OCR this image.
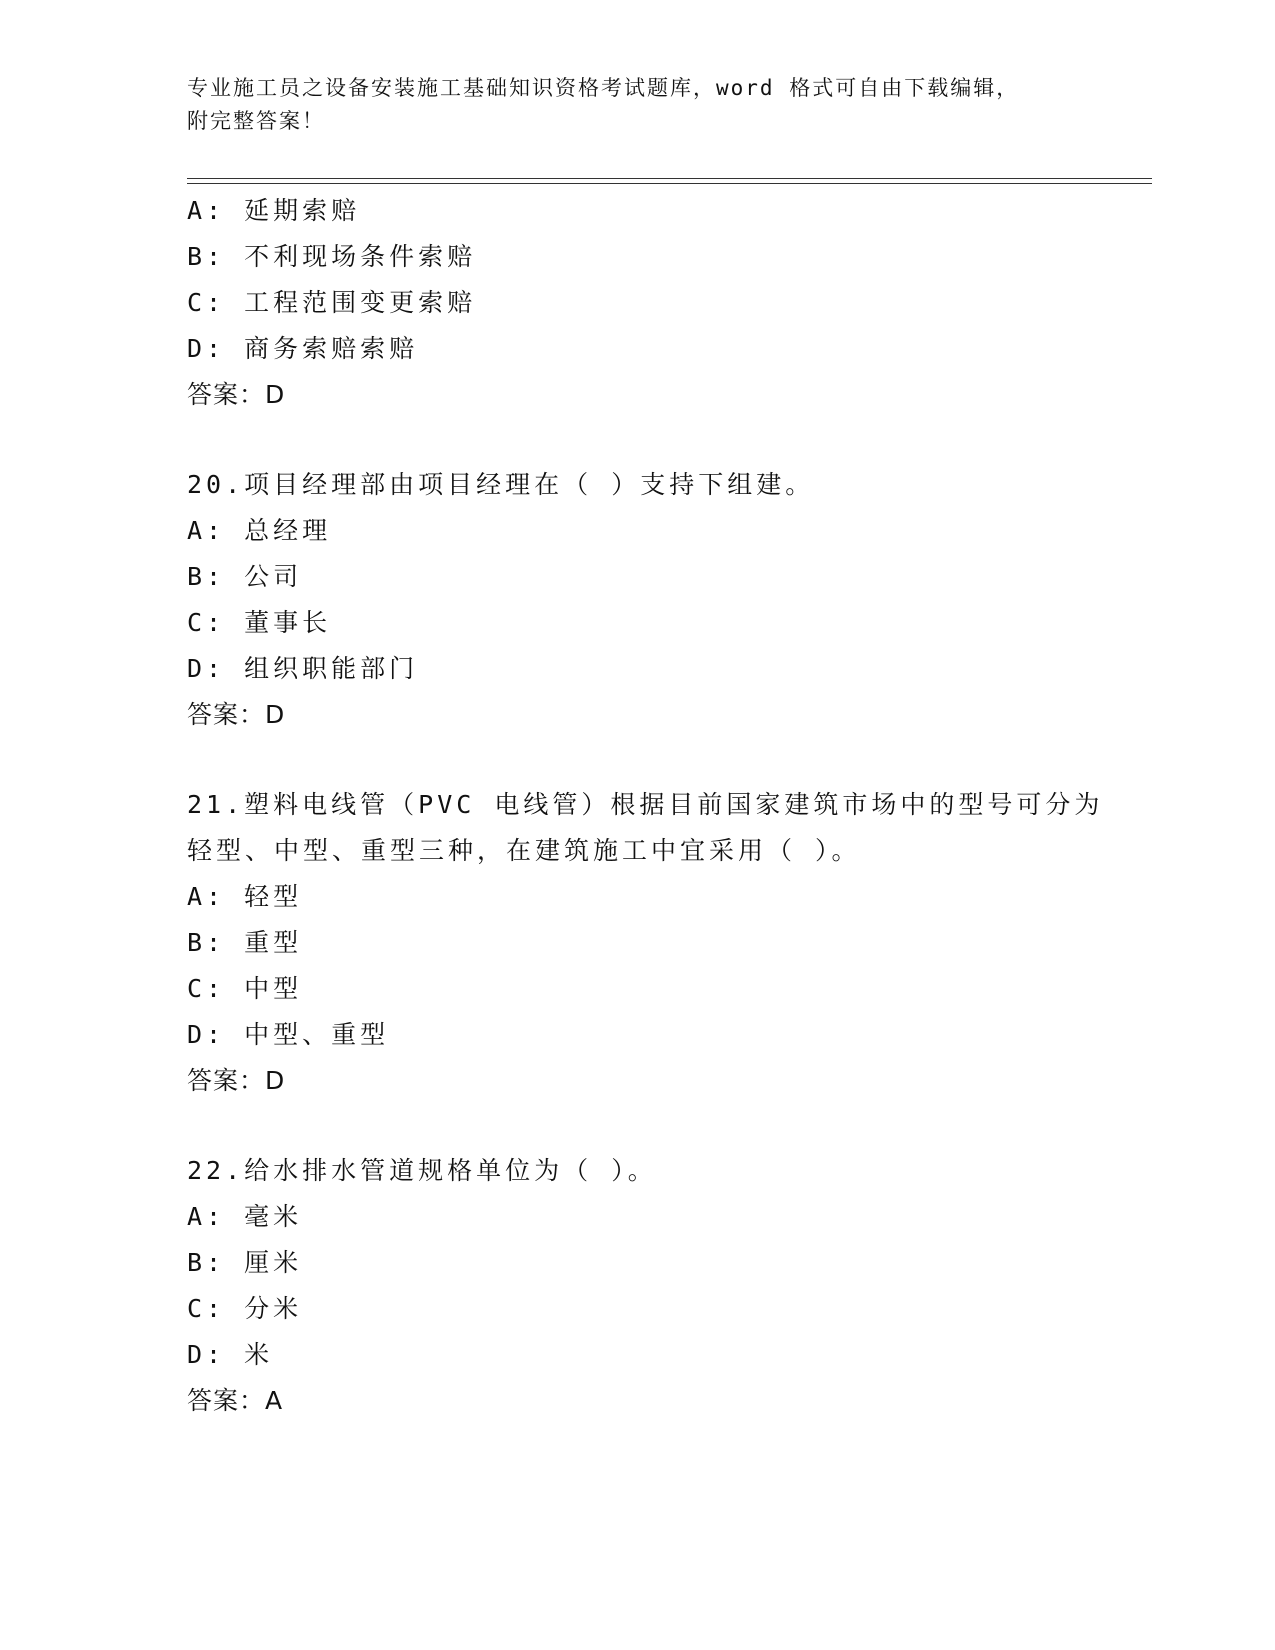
专业施工员之设备安装施工基础知识资格考试题库，word 格式可自由下载编辑，
附完整答案！
A: 延期索赔
B: 不利现场条件索赔
C: 工程范围变更索赔
D: 商务索赔索赔
答案：D
20.项目经理部由项目经理在（ ）支持下组建。
A: 总经理
B: 公司
C: 董事长
D: 组织职能部门
答案：D
21.塑料电线管（PVC 电线管）根据目前国家建筑市场中的型号可分为
轻型、中型、重型三种，在建筑施工中宜采用（ ）。
A: 轻型
B: 重型
C: 中型
D: 中型、重型
答案：D
22.给水排水管道规格单位为（ ）。
A: 毫米
B: 厘米
C: 分米
D: 米
答案：A
